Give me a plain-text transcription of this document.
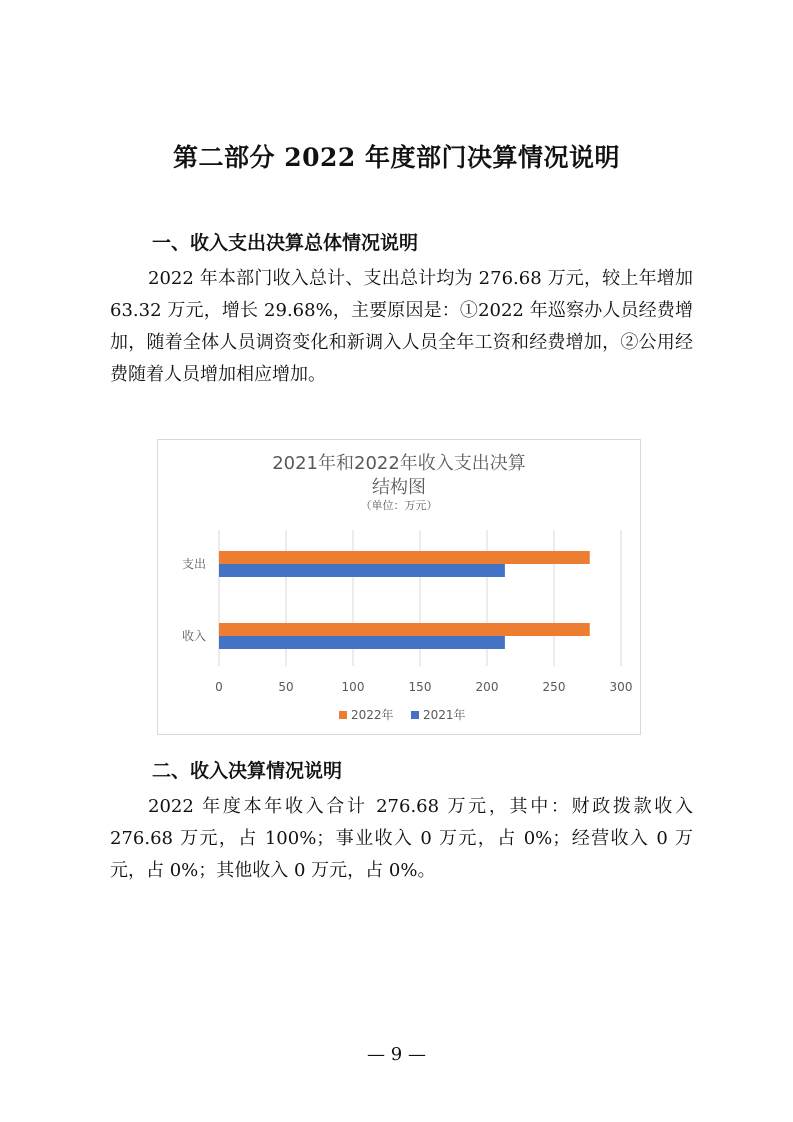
第二部分 2022 年度部门决算情况说明
一、收入支出决算总体情况说明
2022 年本部门收入总计、支出总计均为 276.68 万元，较上年增加 63.32 万元，增长 29.68%，主要原因是：①2022 年巡察办人员经费增加，随着全体人员调资变化和新调入人员全年工资和经费增加，②公用经费随着人员增加相应增加。
2021年和2022年收入支出决算
结构图
（单位：万元）
0	50	100	150	200	250	300
支出
收入
2022年 2021年
二、收入决算情况说明
2022 年度本年收入合计 276.68 万元，其中：财政拨款收入 276.68 万元，占 100%；事业收入 0 万元，占 0%；经营收入 0 万元，占 0%；其他收入 0 万元，占 0%。
— 9 —
